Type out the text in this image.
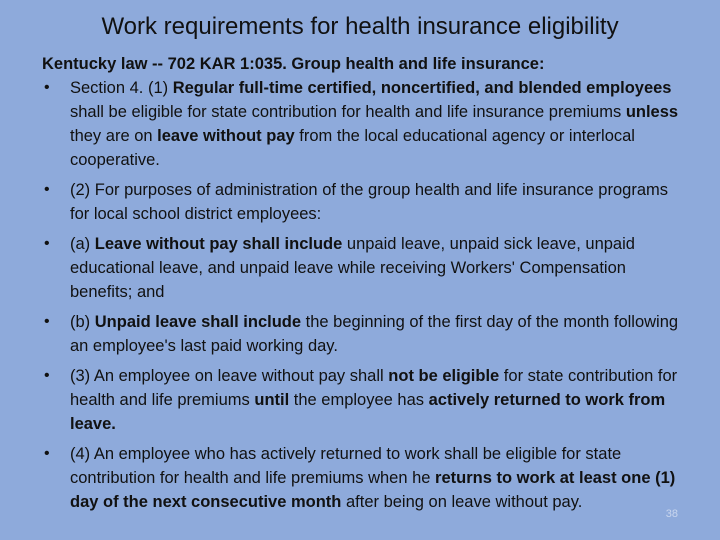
Work requirements for health insurance eligibility
Kentucky law -- 702 KAR 1:035. Group health and life insurance:
• Section 4. (1) Regular full-time certified, noncertified, and blended employees shall be eligible for state contribution for health and life insurance premiums unless they are on leave without pay from the local educational agency or interlocal cooperative.
• (2) For purposes of administration of the group health and life insurance programs for local school district employees:
• (a) Leave without pay shall include unpaid leave, unpaid sick leave, unpaid educational leave, and unpaid leave while receiving Workers' Compensation benefits; and
• (b) Unpaid leave shall include the beginning of the first day of the month following an employee's last paid working day.
• (3) An employee on leave without pay shall not be eligible for state contribution for health and life premiums until the employee has actively returned to work from leave.
• (4) An employee who has actively returned to work shall be eligible for state contribution for health and life premiums when he returns to work at least one (1) day of the next consecutive month after being on leave without pay.
38
